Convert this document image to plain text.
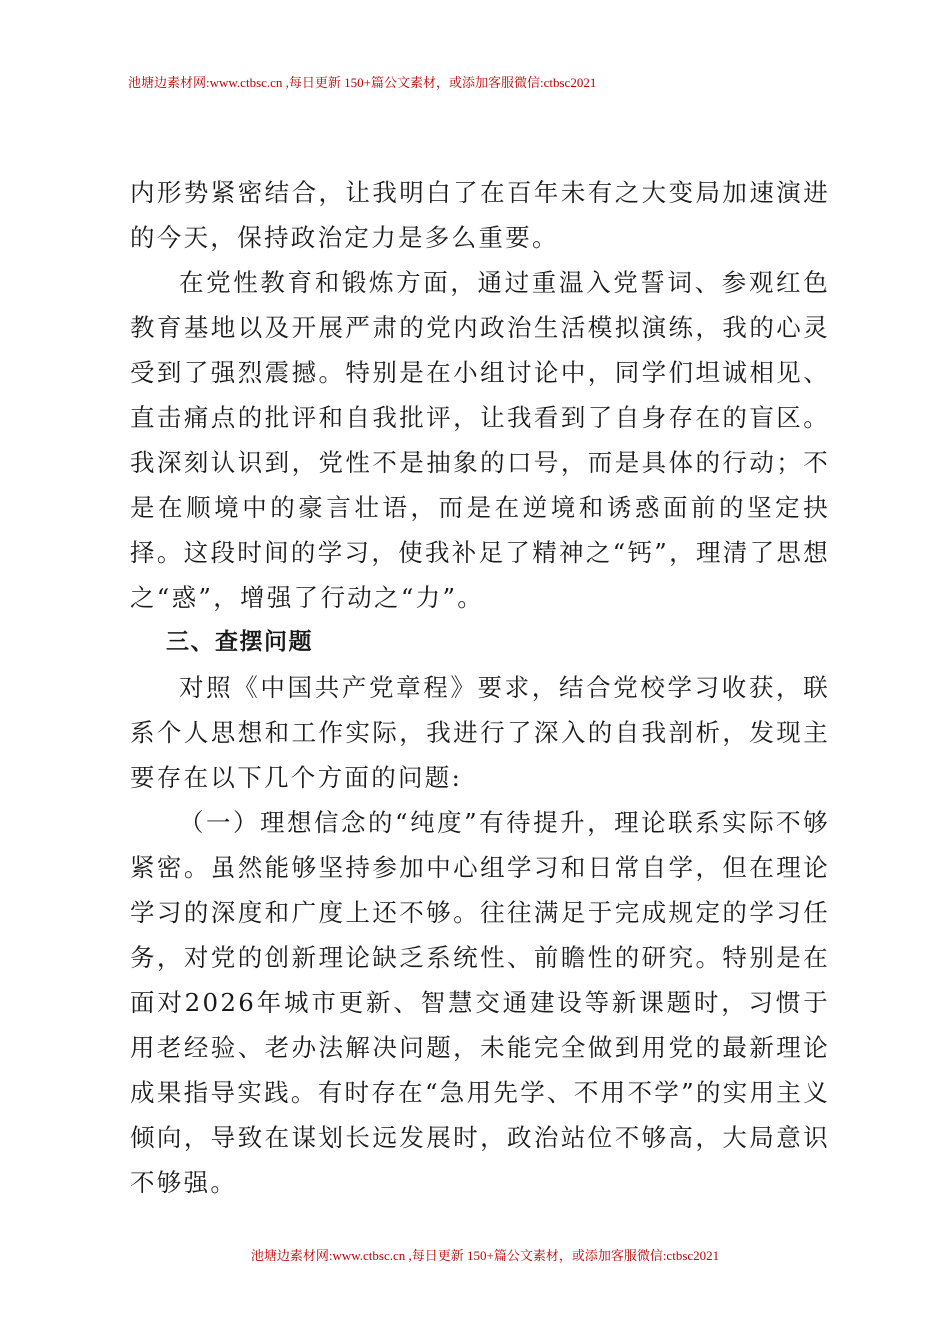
池塘边素材网:www.ctbsc.cn ,每日更新 150+篇公文素材，或添加客服微信:ctbsc2021

内形势紧密结合，让我明白了在百年未有之大变局加速演进的今天，保持政治定力是多么重要。

在党性教育和锻炼方面，通过重温入党誓词、参观红色教育基地以及开展严肃的党内政治生活模拟演练，我的心灵受到了强烈震撼。特别是在小组讨论中，同学们坦诚相见、直击痛点的批评和自我批评，让我看到了自身存在的盲区。我深刻认识到，党性不是抽象的口号，而是具体的行动；不是在顺境中的豪言壮语，而是在逆境和诱惑面前的坚定抉择。这段时间的学习，使我补足了精神之“钙”，理清了思想之“惑”，增强了行动之“力”。

三、查摆问题

对照《中国共产党章程》要求，结合党校学习收获，联系个人思想和工作实际，我进行了深入的自我剖析，发现主要存在以下几个方面的问题:

（一）理想信念的“纯度”有待提升，理论联系实际不够紧密。虽然能够坚持参加中心组学习和日常自学，但在理论学习的深度和广度上还不够。往往满足于完成规定的学习任务，对党的创新理论缺乏系统性、前瞻性的研究。特别是在面对2026年城市更新、智慧交通建设等新课题时，习惯于用老经验、老办法解决问题，未能完全做到用党的最新理论成果指导实践。有时存在“急用先学、不用不学”的实用主义倾向，导致在谋划长远发展时，政治站位不够高，大局意识不够强。

池塘边素材网:www.ctbsc.cn ,每日更新 150+篇公文素材，或添加客服微信:ctbsc2021
